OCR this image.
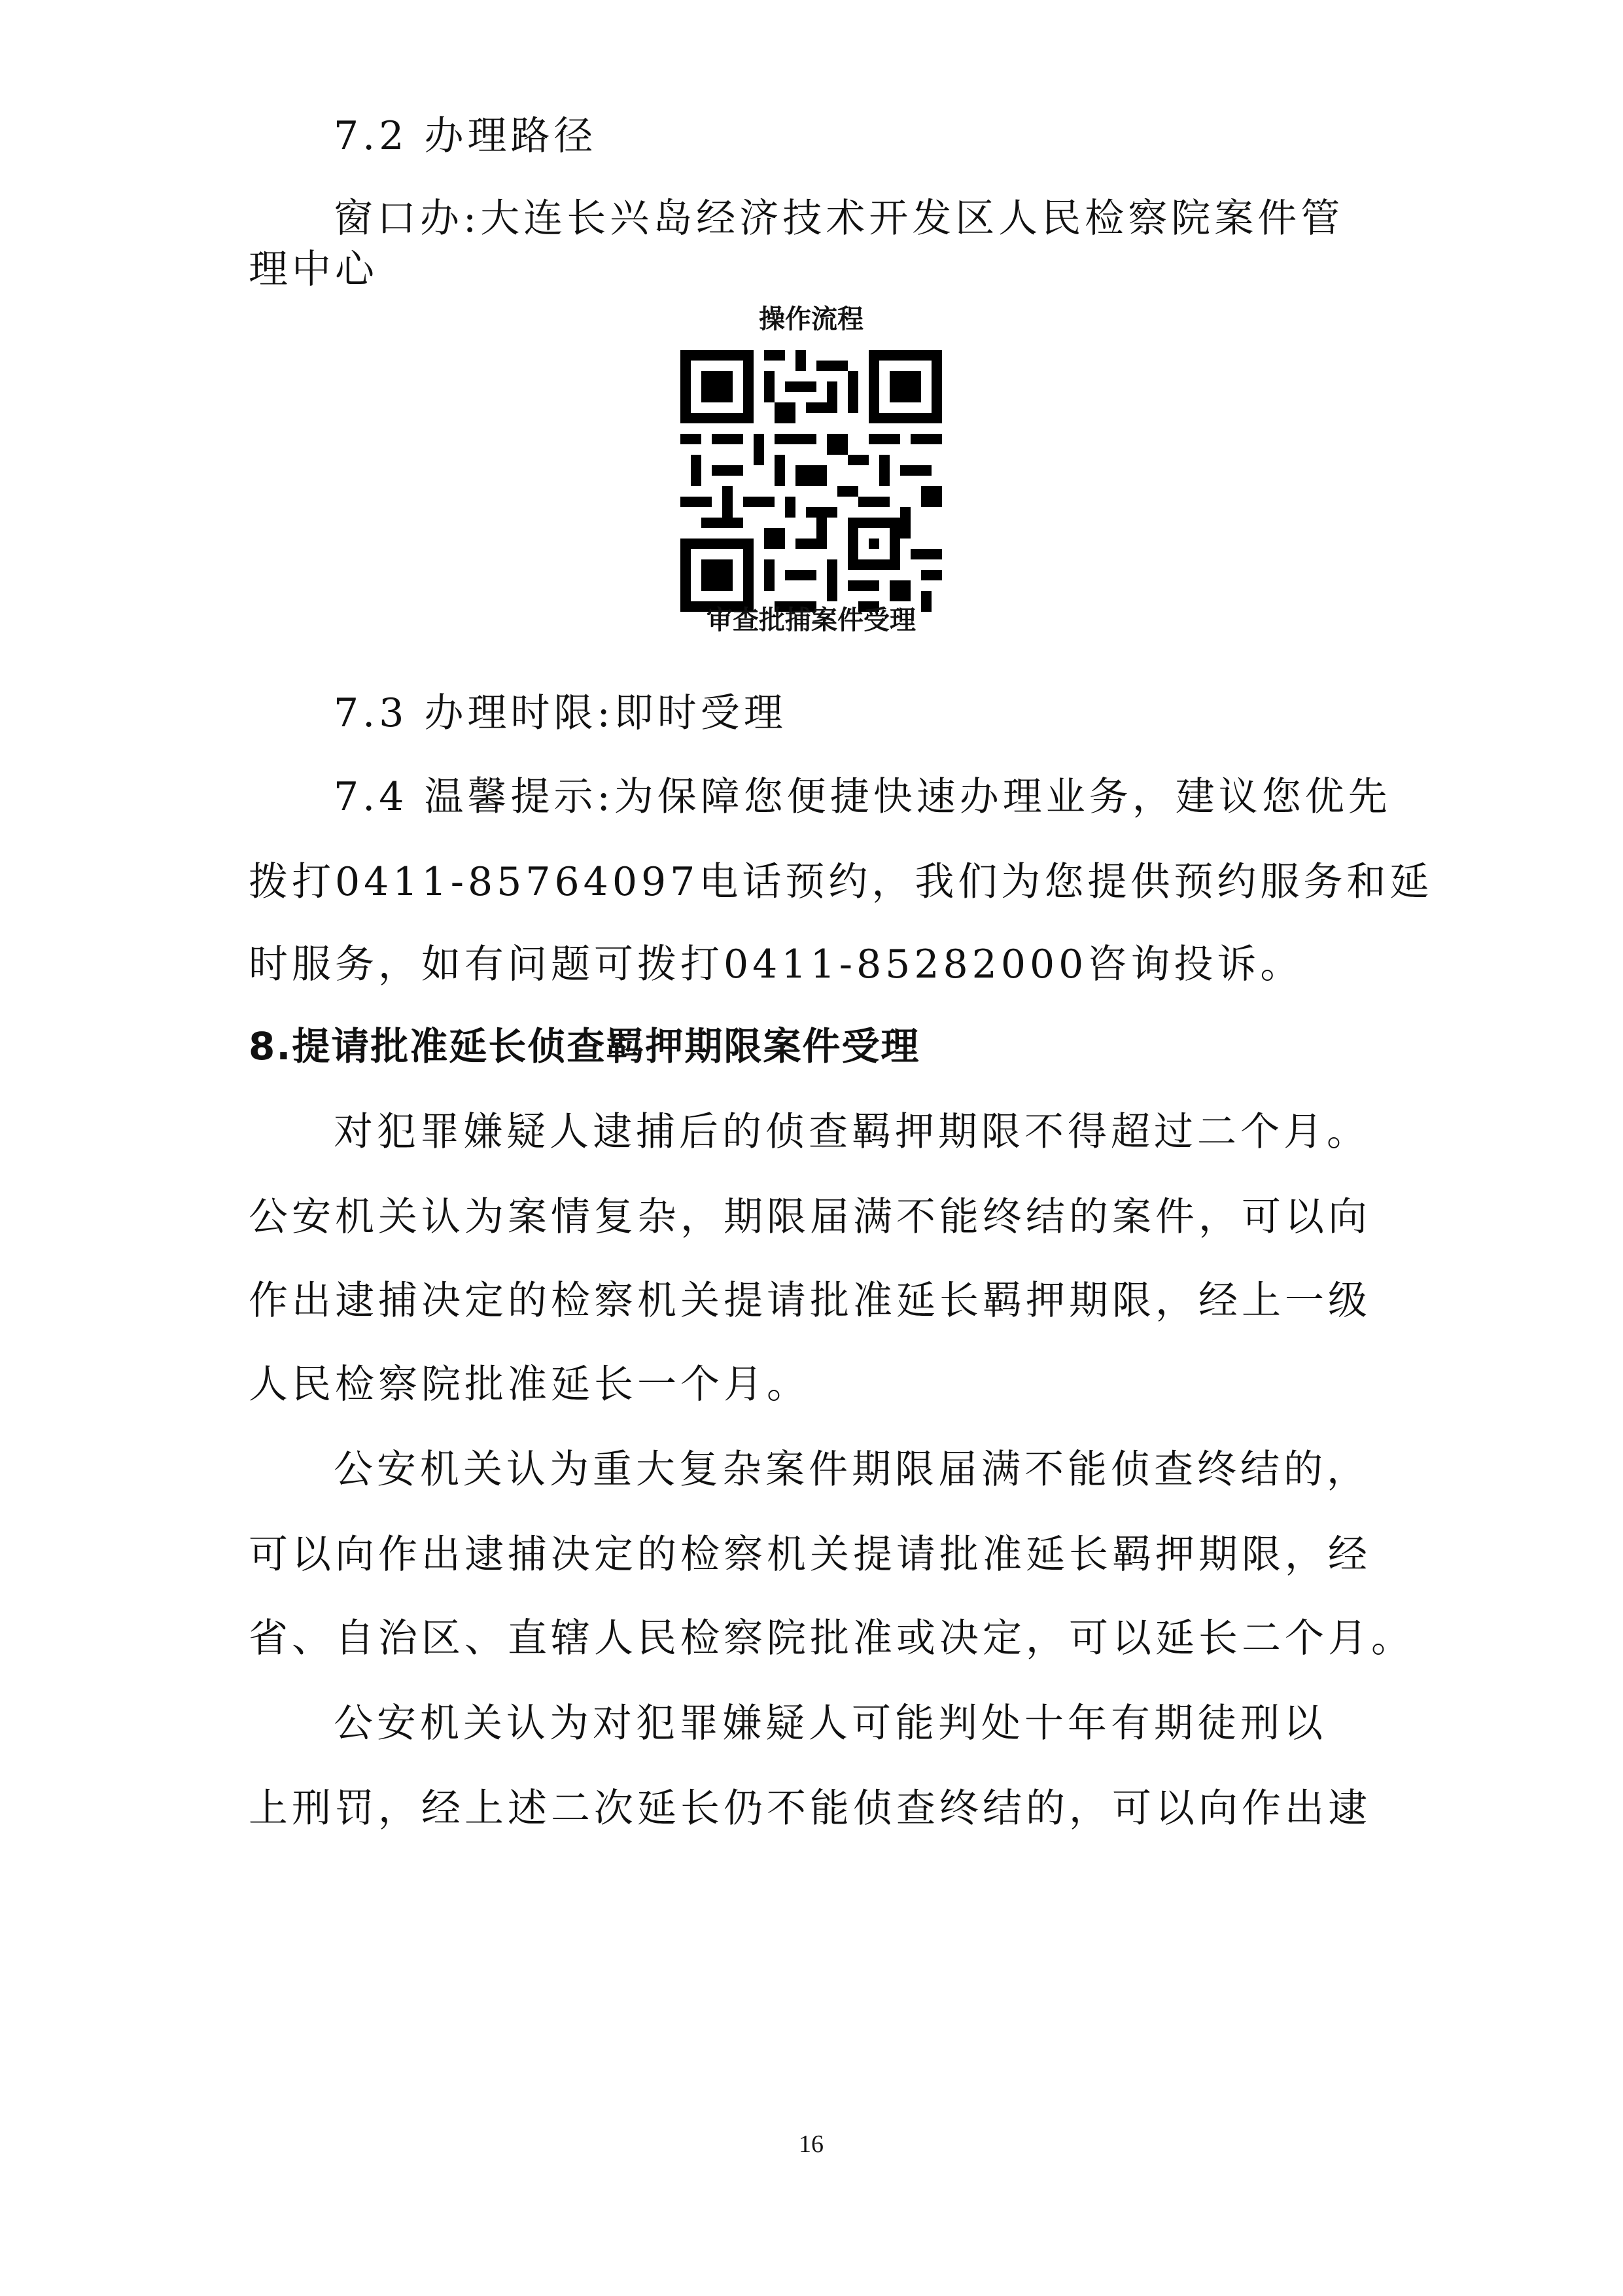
7.2 办理路径
窗口办:大连长兴岛经济技术开发区人民检察院案件管
理中心
操作流程
审查批捕案件受理
7.3 办理时限:即时受理
7.4 温馨提示:为保障您便捷快速办理业务，建议您优先
拨打0411-85764097电话预约，我们为您提供预约服务和延
时服务，如有问题可拨打0411-85282000咨询投诉。
8.提请批准延长侦查羁押期限案件受理
对犯罪嫌疑人逮捕后的侦查羁押期限不得超过二个月。
公安机关认为案情复杂，期限届满不能终结的案件，可以向
作出逮捕决定的检察机关提请批准延长羁押期限，经上一级
人民检察院批准延长一个月。
公安机关认为重大复杂案件期限届满不能侦查终结的，
可以向作出逮捕决定的检察机关提请批准延长羁押期限，经
省、自治区、直辖人民检察院批准或决定，可以延长二个月。
公安机关认为对犯罪嫌疑人可能判处十年有期徒刑以
上刑罚，经上述二次延长仍不能侦查终结的，可以向作出逮
16
